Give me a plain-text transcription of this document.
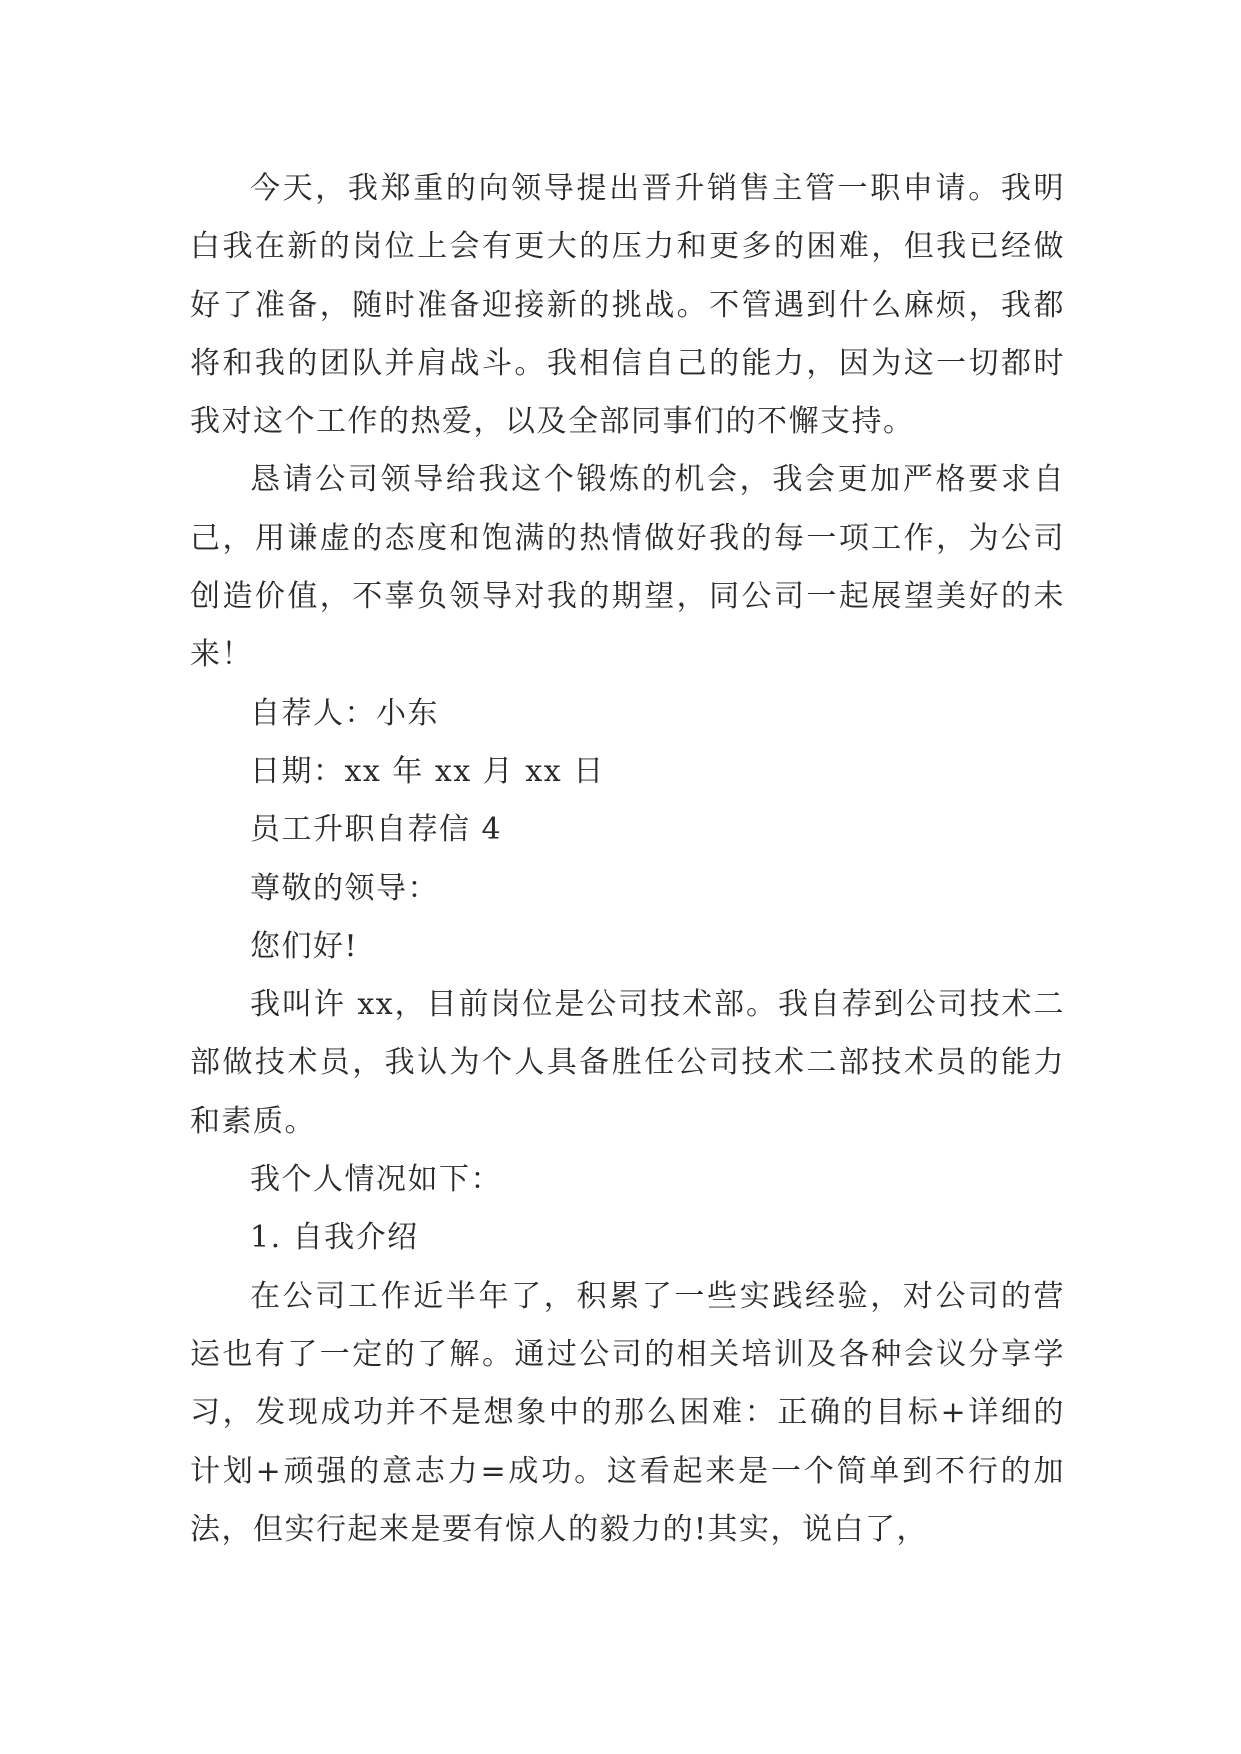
今天，我郑重的向领导提出晋升销售主管一职申请。我明白我在新的岗位上会有更大的压力和更多的困难，但我已经做好了准备，随时准备迎接新的挑战。不管遇到什么麻烦，我都将和我的团队并肩战斗。我相信自己的能力，因为这一切都时我对这个工作的热爱，以及全部同事们的不懈支持。

恳请公司领导给我这个锻炼的机会，我会更加严格要求自己，用谦虚的态度和饱满的热情做好我的每一项工作，为公司创造价值，不辜负领导对我的期望，同公司一起展望美好的未来！

自荐人：小东

日期：xx 年 xx 月 xx 日

员工升职自荐信 4

尊敬的领导：

您们好!

我叫许 xx，目前岗位是公司技术部。我自荐到公司技术二部做技术员，我认为个人具备胜任公司技术二部技术员的能力和素质。

我个人情况如下：

1. 自我介绍

在公司工作近半年了，积累了一些实践经验，对公司的营运也有了一定的了解。通过公司的相关培训及各种会议分享学习，发现成功并不是想象中的那么困难：正确的目标+详细的计划+顽强的意志力=成功。这看起来是一个简单到不行的加法，但实行起来是要有惊人的毅力的!其实，说白了，
